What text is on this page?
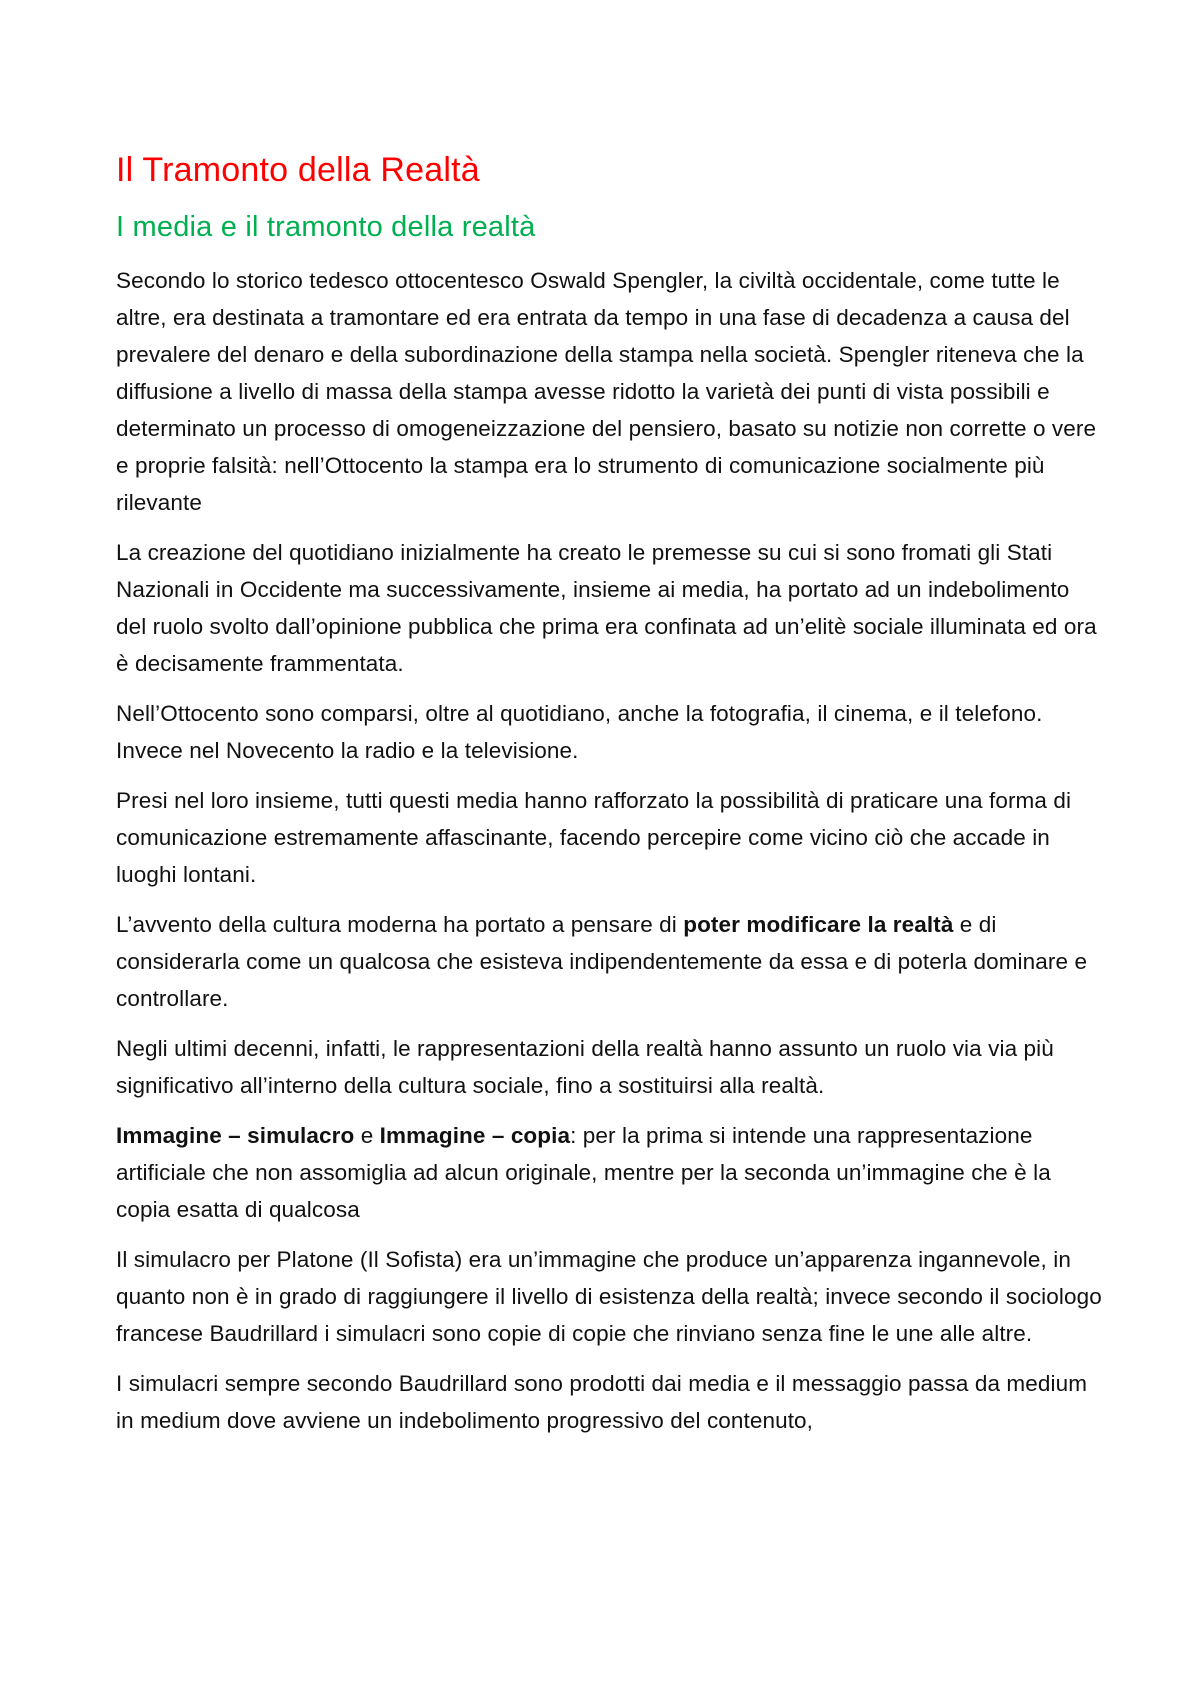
Il Tramonto della Realtà
I media e il tramonto della realtà

Secondo lo storico tedesco ottocentesco Oswald Spengler, la civiltà occidentale, come tutte le altre, era destinata a tramontare ed era entrata da tempo in una fase di decadenza a causa del prevalere del denaro e della subordinazione della stampa nella società. Spengler riteneva che la diffusione a livello di massa della stampa avesse ridotto la varietà dei punti di vista possibili e determinato un processo di omogeneizzazione del pensiero, basato su notizie non corrette o vere e proprie falsità: nell’Ottocento la stampa era lo strumento di comunicazione socialmente più rilevante

La creazione del quotidiano inizialmente ha creato le premesse su cui si sono fromati gli Stati Nazionali in Occidente ma successivamente, insieme ai media, ha portato ad un indebolimento del ruolo svolto dall’opinione pubblica che prima era confinata ad un’elitè sociale illuminata ed ora è decisamente frammentata.

Nell’Ottocento sono comparsi, oltre al quotidiano, anche la fotografia, il cinema, e il telefono. Invece nel Novecento la radio e la televisione.

Presi nel loro insieme, tutti questi media hanno rafforzato la possibilità di praticare una forma di comunicazione estremamente affascinante, facendo percepire come vicino ciò che accade in luoghi lontani.

L’avvento della cultura moderna ha portato a pensare di poter modificare la realtà e di considerarla come un qualcosa che esisteva indipendentemente da essa e di poterla dominare e controllare.

Negli ultimi decenni, infatti, le rappresentazioni della realtà hanno assunto un ruolo via via più significativo all’interno della cultura sociale, fino a sostituirsi alla realtà.

Immagine – simulacro e Immagine – copia: per la prima si intende una rappresentazione artificiale che non assomiglia ad alcun originale, mentre per la seconda un’immagine che è la copia esatta di qualcosa

Il simulacro per Platone (Il Sofista) era un’immagine che produce un’apparenza ingannevole, in quanto non è in grado di raggiungere il livello di esistenza della realtà; invece secondo il sociologo francese Baudrillard i simulacri sono copie di copie che rinviano senza fine le une alle altre.

I simulacri sempre secondo Baudrillard sono prodotti dai media e il messaggio passa da medium in medium dove avviene un indebolimento progressivo del contenuto,
